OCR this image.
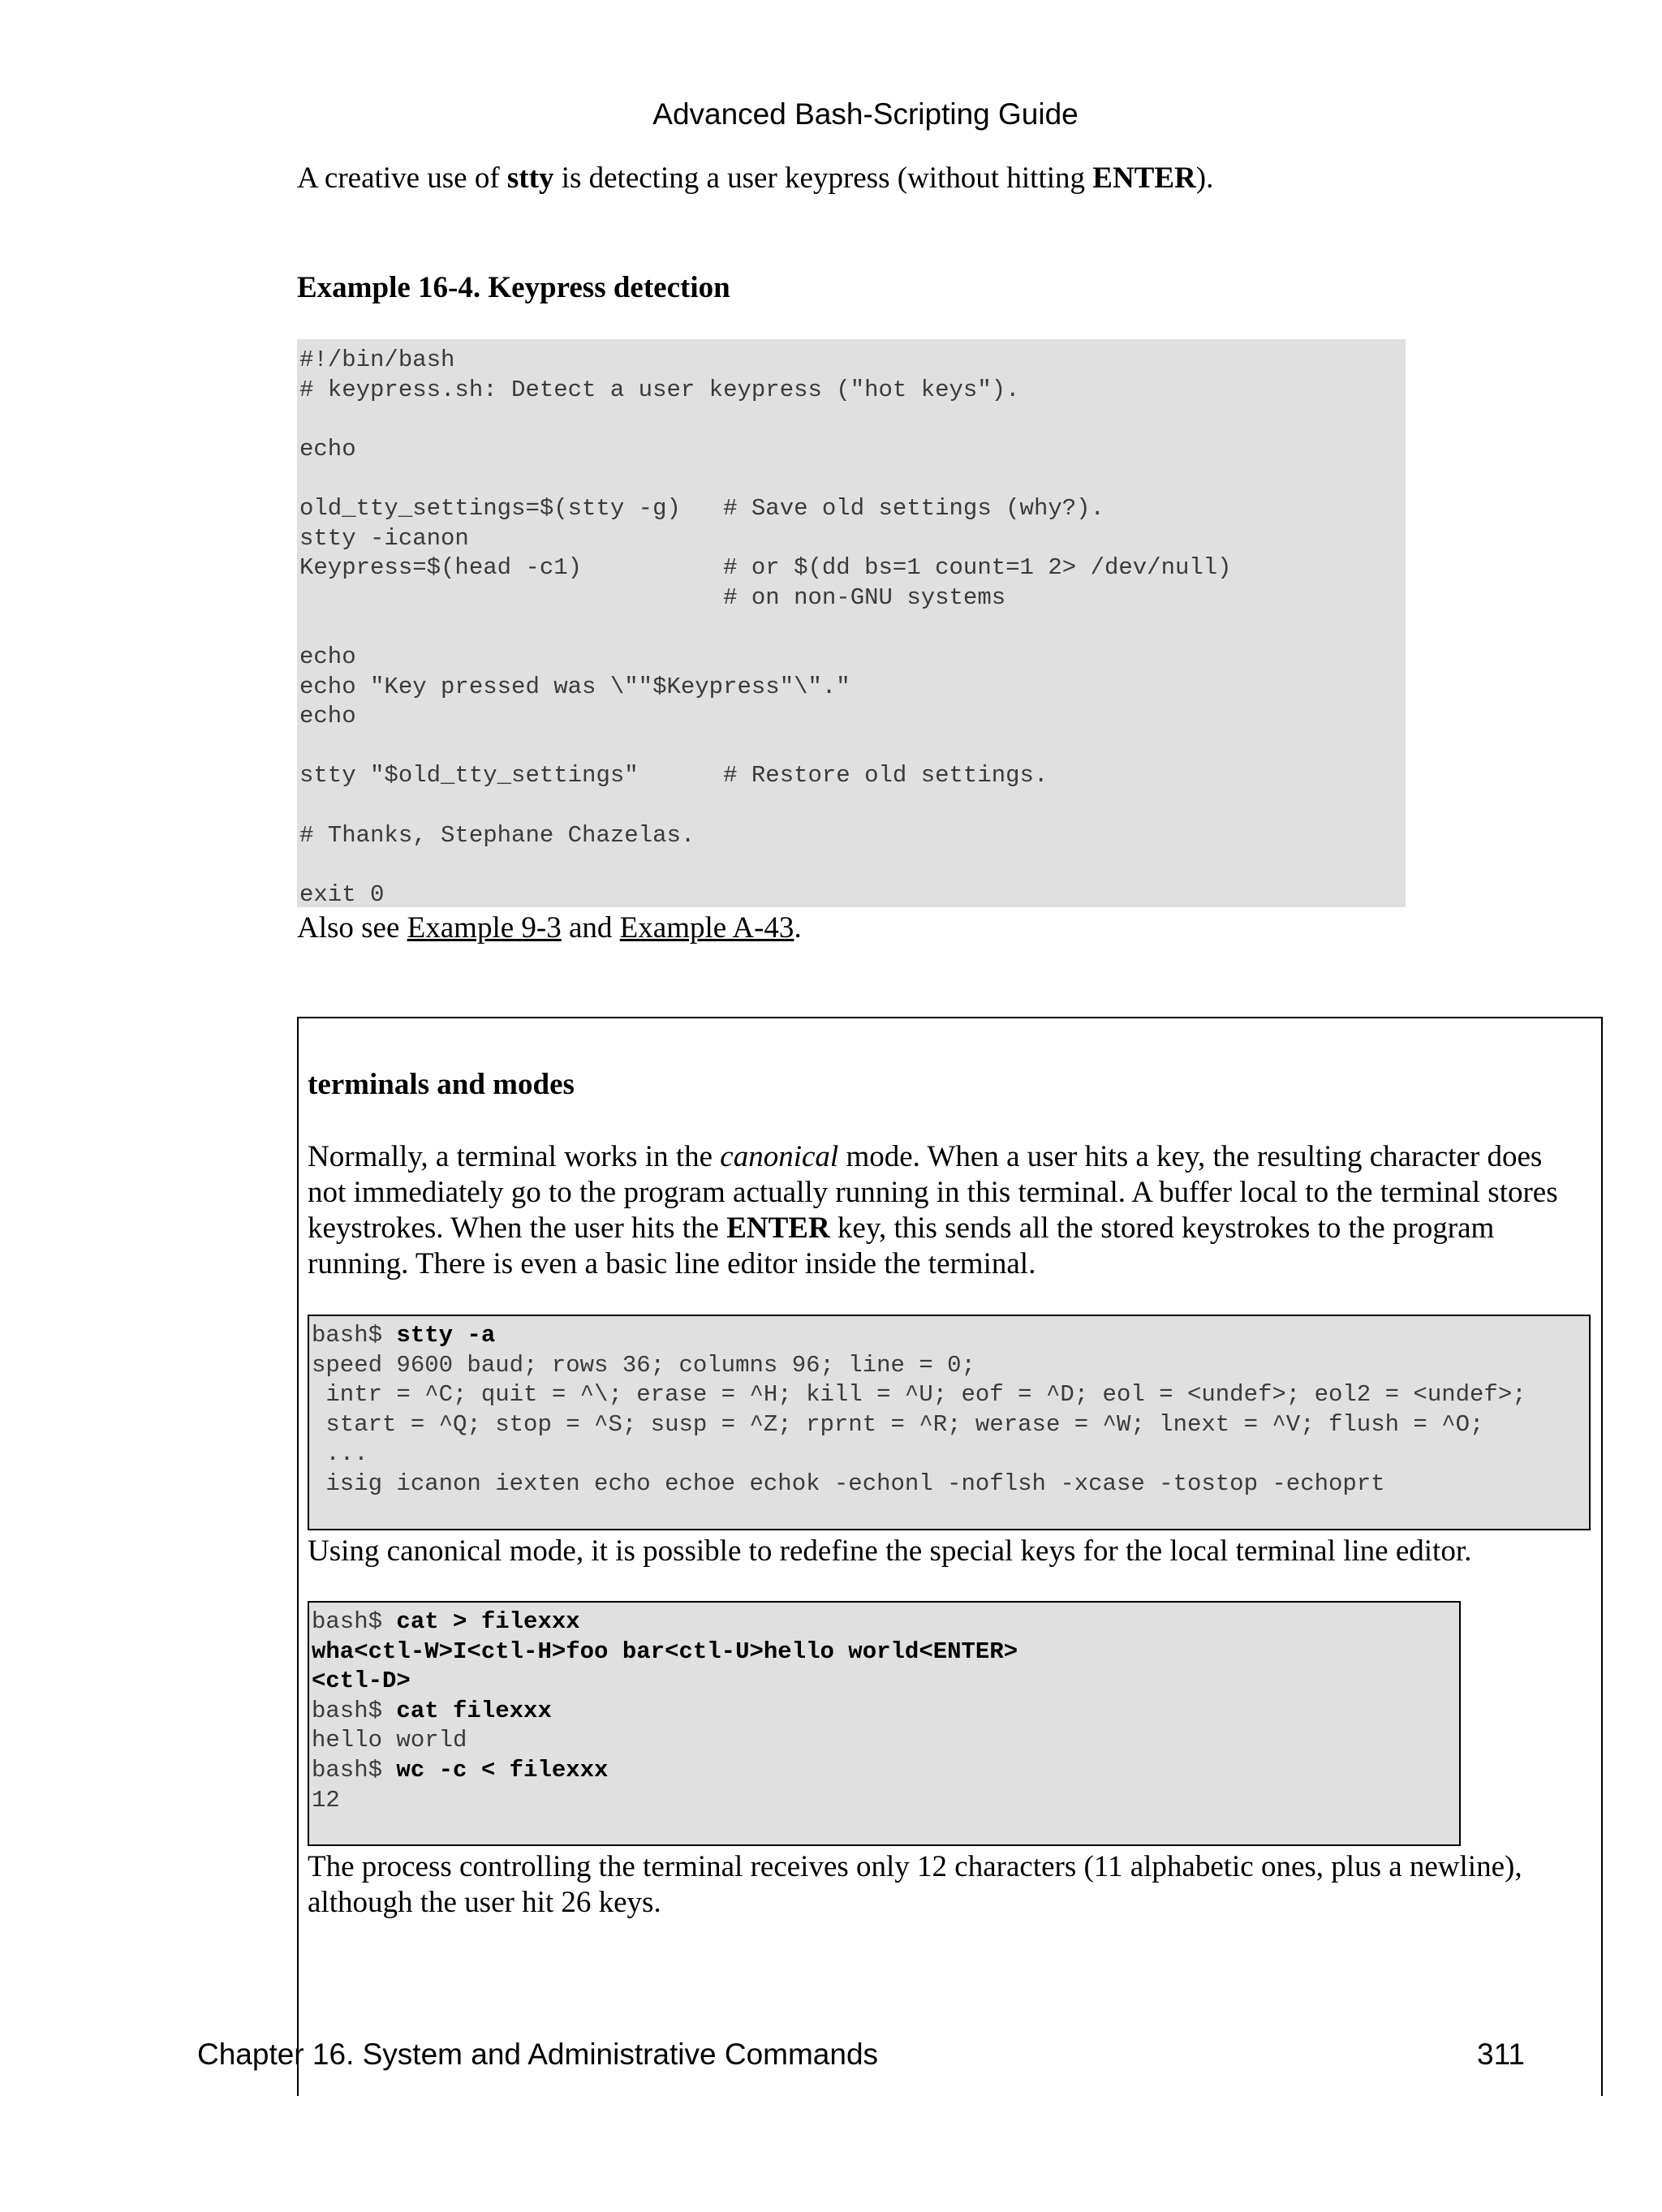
Advanced Bash-Scripting Guide
A creative use of stty is detecting a user keypress (without hitting ENTER).
Example 16-4. Keypress detection
#!/bin/bash
# keypress.sh: Detect a user keypress ("hot keys").

echo

old_tty_settings=$(stty -g)   # Save old settings (why?).
stty -icanon
Keypress=$(head -c1)          # or $(dd bs=1 count=1 2> /dev/null)
# on non-GNU systems

echo
echo "Key pressed was \""$Keypress"\"."
echo

stty "$old_tty_settings"      # Restore old settings.

# Thanks, Stephane Chazelas.

exit 0
Also see Example 9-3 and Example A-43.
terminals and modes
Normally, a terminal works in the canonical mode. When a user hits a key, the resulting character does
not immediately go to the program actually running in this terminal. A buffer local to the terminal stores
keystrokes. When the user hits the ENTER key, this sends all the stored keystrokes to the program
running. There is even a basic line editor inside the terminal.
bash$ stty -a
speed 9600 baud; rows 36; columns 96; line = 0;
intr = ^C; quit = ^\; erase = ^H; kill = ^U; eof = ^D; eol = <undef>; eol2 = <undef>;
start = ^Q; stop = ^S; susp = ^Z; rprnt = ^R; werase = ^W; lnext = ^V; flush = ^O;
...
isig icanon iexten echo echoe echok -echonl -noflsh -xcase -tostop -echoprt
Using canonical mode, it is possible to redefine the special keys for the local terminal line editor.
bash$ cat > filexxx
wha<ctl-W>I<ctl-H>foo bar<ctl-U>hello world<ENTER>
<ctl-D>
bash$ cat filexxx
hello world
bash$ wc -c < filexxx
12
The process controlling the terminal receives only 12 characters (11 alphabetic ones, plus a newline),
although the user hit 26 keys.
Chapter 16. System and Administrative Commands	311
